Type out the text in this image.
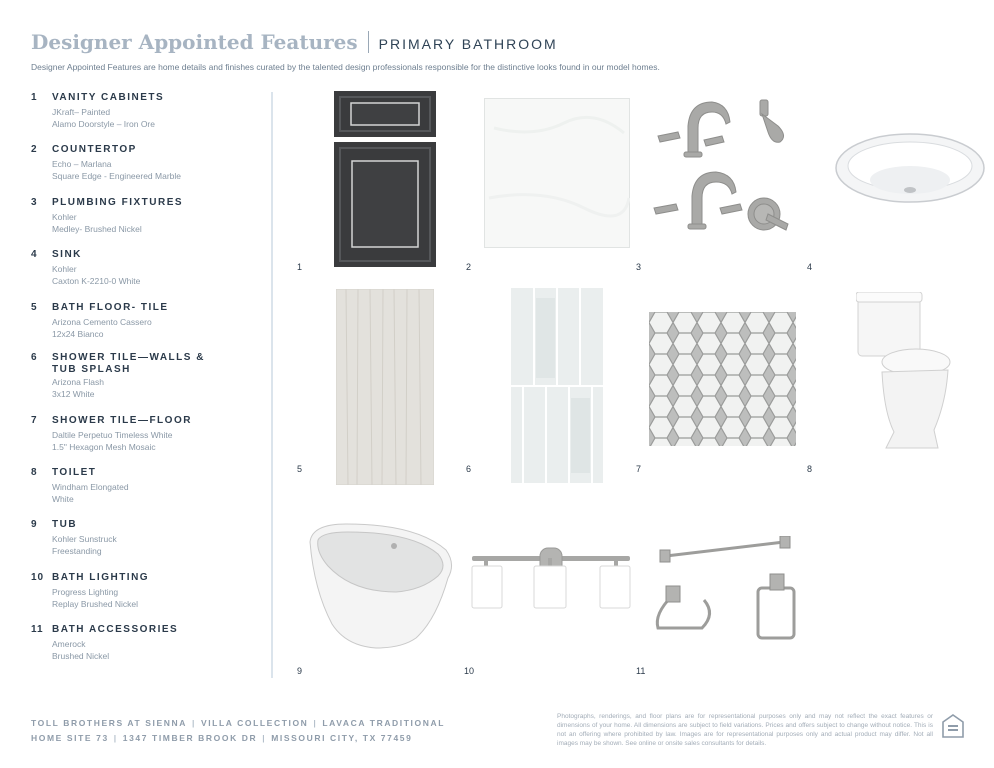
Designer Appointed Features PRIMARY BATHROOM
Designer Appointed Features are home details and finishes curated by the talented design professionals responsible for the distinctive looks found in our model homes.
1 VANITY CABINETS
JKraft– Painted
Alamo Doorstyle – Iron Ore
2 COUNTERTOP
Echo – Marlana
Square Edge - Engineered Marble
3 PLUMBING FIXTURES
Kohler
Medley- Brushed Nickel
4 SINK
Kohler
Caxton K-2210-0 White
5 BATH FLOOR- TILE
Arizona Cemento Cassero
12x24 Bianco
6 SHOWER TILE—WALLS & TUB SPLASH
Arizona Flash
3x12 White
7 SHOWER TILE—FLOOR
Daltile Perpetuo Timeless White
1.5" Hexagon Mesh Mosaic
8 TOILET
Windham Elongated
White
9 TUB
Kohler Sunstruck
Freestanding
10 BATH LIGHTING
Progress Lighting
Replay Brushed Nickel
11 BATH ACCESSORIES
Amerock
Brushed Nickel
1	2	3	4
5	6	7	8
9	10	11
TOLL BROTHERS AT SIENNA | VILLA COLLECTION | LAVACA TRADITIONAL
HOME SITE 73 | 1347 TIMBER BROOK DR | MISSOURI CITY, TX 77459
Photographs, renderings, and floor plans are for representational purposes only and may not reflect the exact features or dimensions of your home. All dimensions are subject to field variations. Prices and offers subject to change without notice. This is not an offering where prohibited by law. Images are for representational purposes only and actual product may differ. Not all images may be shown. See online or onsite sales consultants for details.
